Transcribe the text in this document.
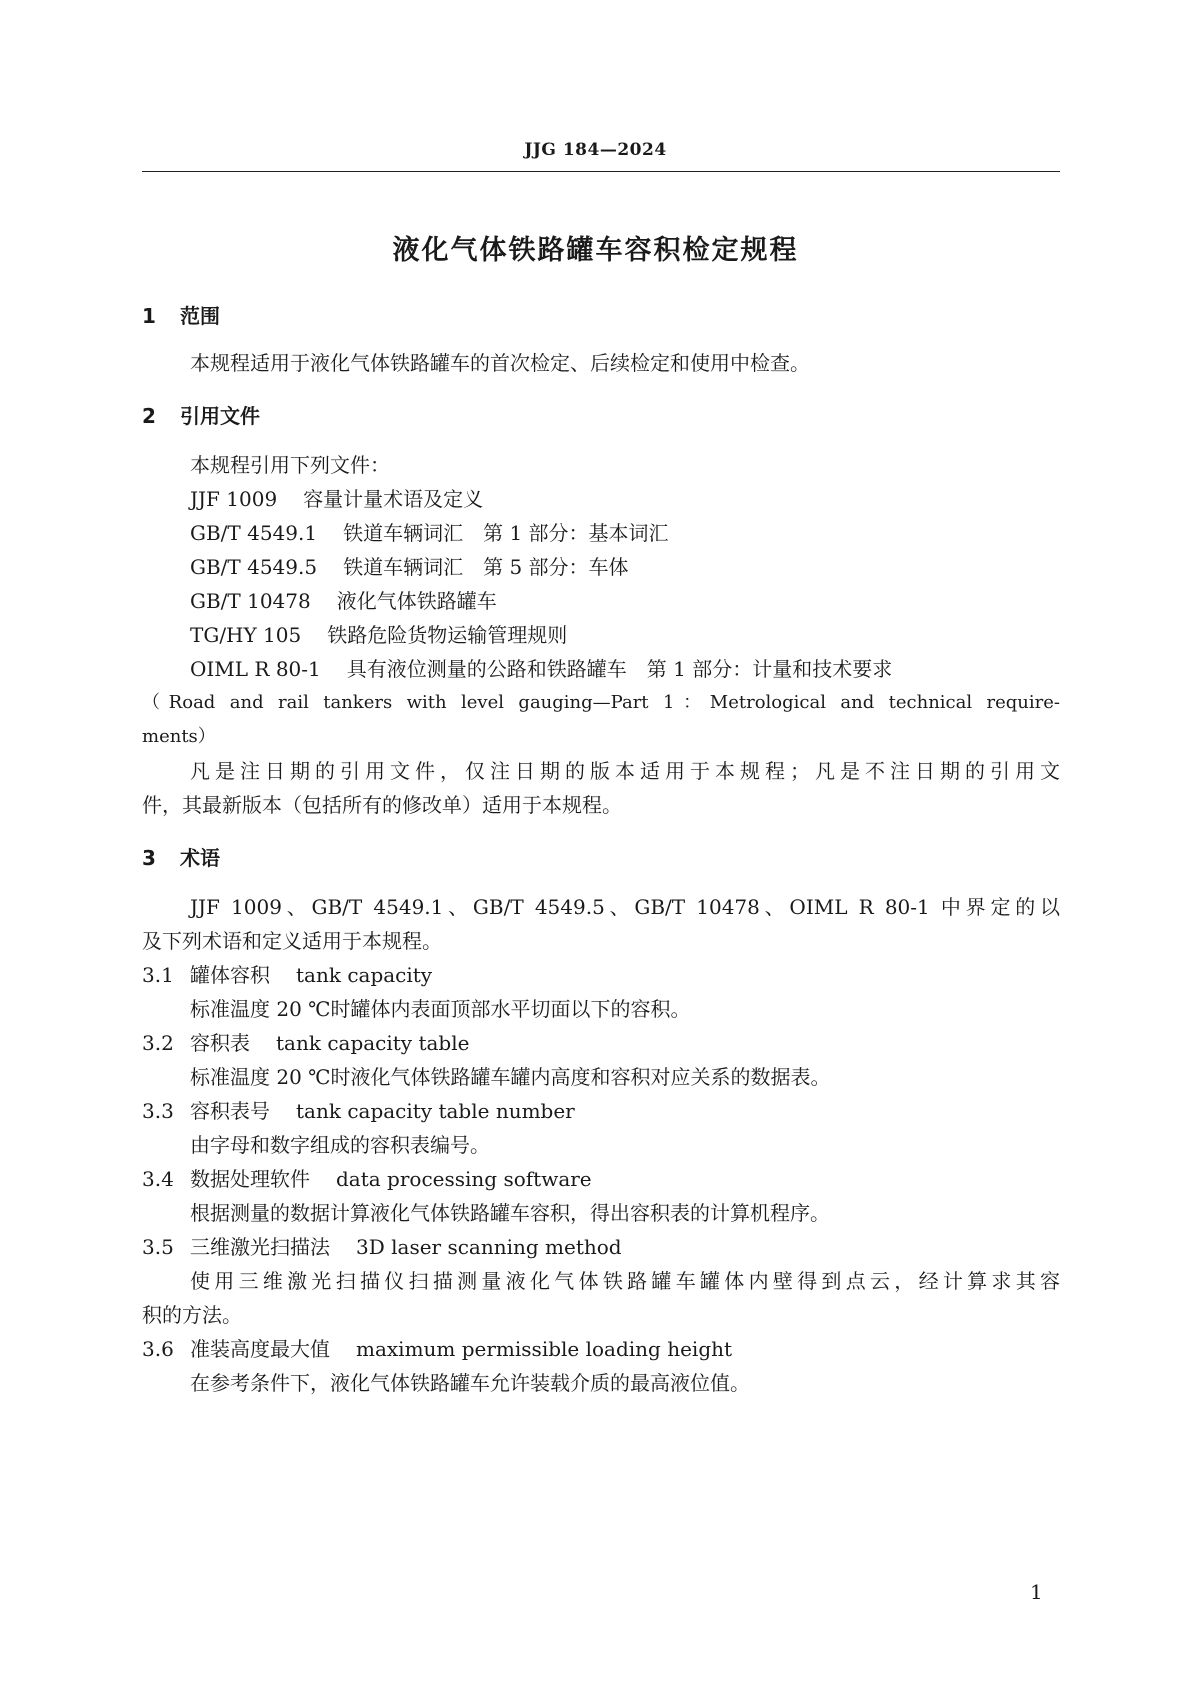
JJG 184—2024
液化气体铁路罐车容积检定规程
1 范围
本规程适用于液化气体铁路罐车的首次检定、后续检定和使用中检查。
2 引用文件
本规程引用下列文件：
JJF 1009 容量计量术语及定义
GB/T 4549.1 铁道车辆词汇　第 1 部分：基本词汇
GB/T 4549.5 铁道车辆词汇　第 5 部分：车体
GB/T 10478 液化气体铁路罐车
TG/HY 105 铁路危险货物运输管理规则
OIML R 80-1 具有液位测量的公路和铁路罐车　第 1 部分：计量和技术要求
（Road and rail tankers with level gauging—Part 1：Metrological and technical require-
ments）
凡是注日期的引用文件，仅注日期的版本适用于本规程；凡是不注日期的引用文
件，其最新版本（包括所有的修改单）适用于本规程。
3 术语
JJF 1009、GB/T 4549.1、GB/T 4549.5、GB/T 10478、OIML R 80-1 中界定的以
及下列术语和定义适用于本规程。
3.1 罐体容积 tank capacity
标准温度 20 ℃时罐体内表面顶部水平切面以下的容积。
3.2 容积表 tank capacity table
标准温度 20 ℃时液化气体铁路罐车罐内高度和容积对应关系的数据表。
3.3 容积表号 tank capacity table number
由字母和数字组成的容积表编号。
3.4 数据处理软件 data processing software
根据测量的数据计算液化气体铁路罐车容积，得出容积表的计算机程序。
3.5 三维激光扫描法 3D laser scanning method
使用三维激光扫描仪扫描测量液化气体铁路罐车罐体内壁得到点云，经计算求其容
积的方法。
3.6 准装高度最大值 maximum permissible loading height
在参考条件下，液化气体铁路罐车允许装载介质的最高液位值。
1
